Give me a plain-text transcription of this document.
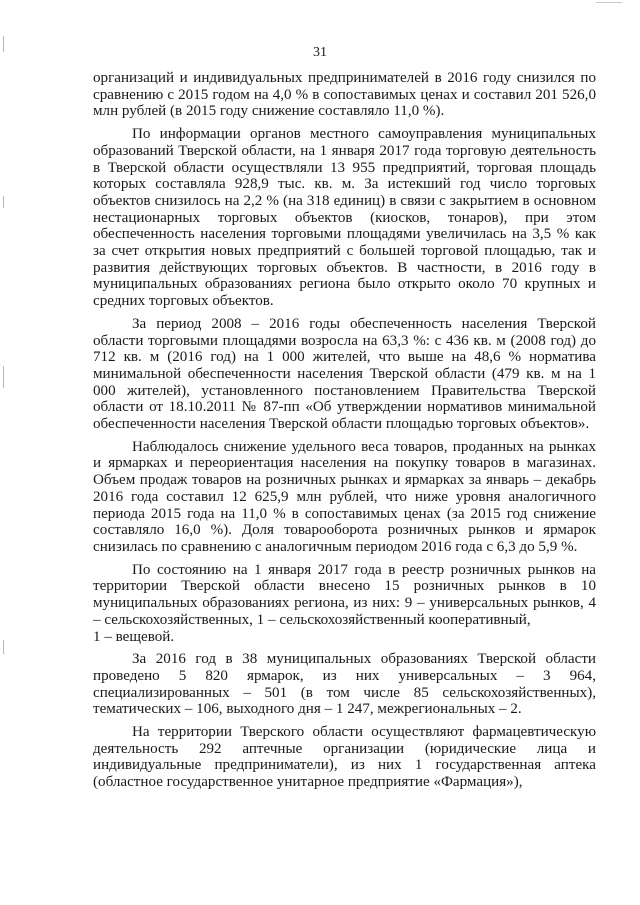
31

организаций и индивидуальных предпринимателей в 2016 году снизился по сравнению с 2015 годом на 4,0 % в сопоставимых ценах и составил 201 526,0 млн рублей (в 2015 году снижение составляло 11,0 %).

По информации органов местного самоуправления муниципальных образований Тверской области, на 1 января 2017 года торговую деятельность в Тверской области осуществляли 13 955 предприятий, торговая площадь которых составляла 928,9 тыс. кв. м. За истекший год число торговых объектов снизилось на 2,2 % (на 318 единиц) в связи с закрытием в основном нестационарных торговых объектов (киосков, тонаров), при этом обеспеченность населения торговыми площадями увеличилась на 3,5 % как за счет открытия новых предприятий с большей торговой площадью, так и развития действующих торговых объектов. В частности, в 2016 году в муниципальных образованиях региона было открыто около 70 крупных и средних торговых объектов.

За период 2008 – 2016 годы обеспеченность населения Тверской области торговыми площадями возросла на 63,3 %: с 436 кв. м (2008 год) до 712 кв. м (2016 год) на 1 000 жителей, что выше на 48,6 % норматива минимальной обеспеченности населения Тверской области (479 кв. м на 1 000 жителей), установленного постановлением Правительства Тверской области от 18.10.2011 № 87-пп «Об утверждении нормативов минимальной обеспеченности населения Тверской области площадью торговых объектов».

Наблюдалось снижение удельного веса товаров, проданных на рынках и ярмарках и переориентация населения на покупку товаров в магазинах. Объем продаж товаров на розничных рынках и ярмарках за январь – декабрь 2016 года составил 12 625,9 млн рублей, что ниже уровня аналогичного периода 2015 года на 11,0 % в сопоставимых ценах (за 2015 год снижение составляло 16,0 %). Доля товарооборота розничных рынков и ярмарок снизилась по сравнению с аналогичным периодом 2016 года с 6,3 до 5,9 %.

По состоянию на 1 января 2017 года в реестр розничных рынков на территории Тверской области внесено 15 розничных рынков в 10 муниципальных образованиях региона, из них: 9 – универсальных рынков, 4 – сельскохозяйственных, 1 – сельскохозяйственный кооперативный,

1 – вещевой.

За 2016 год в 38 муниципальных образованиях Тверской области проведено 5 820 ярмарок, из них универсальных – 3 964, специализированных – 501 (в том числе 85 сельскохозяйственных), тематических – 106, выходного дня – 1 247, межрегиональных – 2.

На территории Тверского области осуществляют фармацевтическую деятельность 292 аптечные организации (юридические лица и индивидуальные предприниматели), из них 1 государственная аптека (областное государственное унитарное предприятие «Фармация»),
